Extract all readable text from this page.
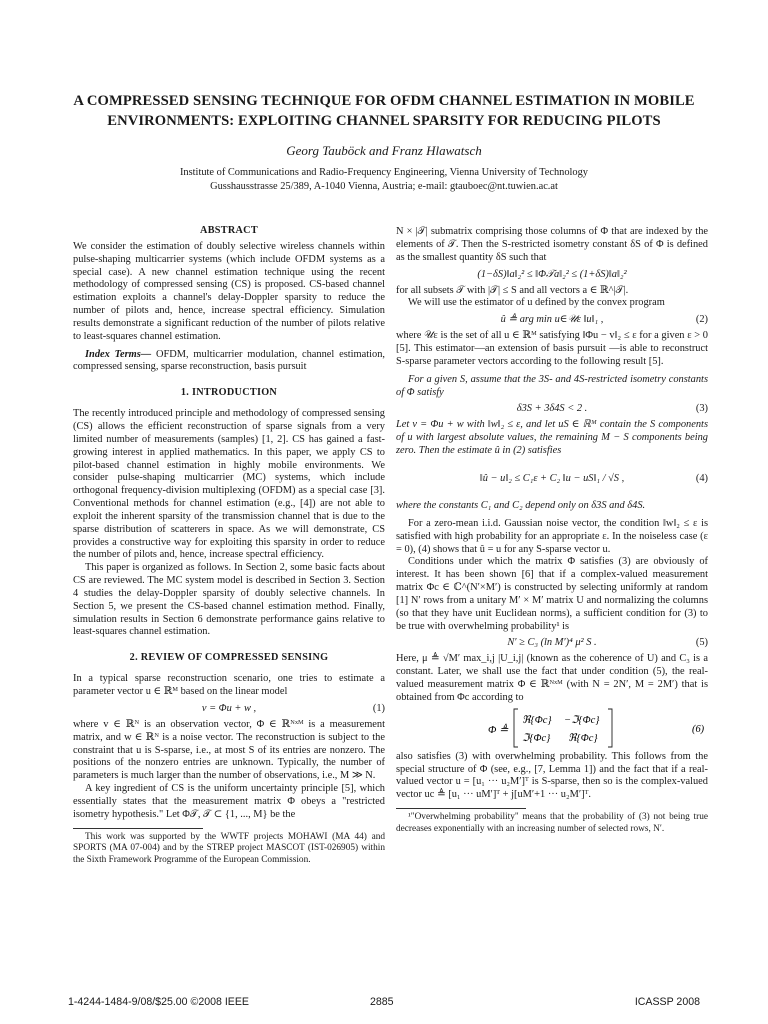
A COMPRESSED SENSING TECHNIQUE FOR OFDM CHANNEL ESTIMATION IN MOBILE ENVIRONMENTS: EXPLOITING CHANNEL SPARSITY FOR REDUCING PILOTS
Georg Tauböck and Franz Hlawatsch
Institute of Communications and Radio-Frequency Engineering, Vienna University of Technology
Gusshausstrasse 25/389, A-1040 Vienna, Austria; e-mail: gtauboec@nt.tuwien.ac.at
ABSTRACT

We consider the estimation of doubly selective wireless channels within pulse-shaping multicarrier systems (which include OFDM systems as a special case). A new channel estimation technique using the recent methodology of compressed sensing (CS) is proposed. CS-based channel estimation exploits a channel's delay-Doppler sparsity to reduce the number of pilots and, hence, increase spectral efficiency. Simulation results demonstrate a significant reduction of the number of pilots relative to least-squares channel estimation.

Index Terms— OFDM, multicarrier modulation, channel estimation, compressed sensing, sparse reconstruction, basis pursuit

1. INTRODUCTION

The recently introduced principle and methodology of compressed sensing (CS) allows the efficient reconstruction of sparse signals from a very limited number of measurements (samples) [1, 2]. CS has gained a fast-growing interest in applied mathematics. In this paper, we apply CS to pilot-based channel estimation in highly mobile environments. We consider pulse-shaping multicarrier (MC) systems, which include orthogonal frequency-division multiplexing (OFDM) as a special case [3]. Conventional methods for channel estimation (e.g., [4]) are not able to exploit the inherent sparsity of the transmission channel that is due to the sparse distribution of scatterers in space. As we will demonstrate, CS provides a constructive way for exploiting this sparsity in order to reduce the number of pilots and, hence, increase spectral efficiency.

This paper is organized as follows. In Section 2, some basic facts about CS are reviewed. The MC system model is described in Section 3. Section 4 studies the delay-Doppler sparsity of doubly selective channels. In Section 5, we present the CS-based channel estimation method. Finally, simulation results in Section 6 demonstrate performance gains relative to least-squares channel estimation.

2. REVIEW OF COMPRESSED SENSING

In a typical sparse reconstruction scenario, one tries to estimate a parameter vector u ∈ ℝᴹ based on the linear model

v = Φu + w ,	(1)

where v ∈ ℝᴺ is an observation vector, Φ ∈ ℝᴺˣᴹ is a measurement matrix, and w ∈ ℝᴺ is a noise vector. The reconstruction is subject to the constraint that u is S-sparse, i.e., at most S of its entries are nonzero. The positions of the nonzero entries are unknown. Typically, the number of parameters is much larger than the number of observations, i.e., M ≫ N.

A key ingredient of CS is the uniform uncertainty principle [5], which essentially states that the measurement matrix Φ obeys a "restricted isometry hypothesis." Let Φ𝒯, 𝒯 ⊂ {1, ..., M} be the

This work was supported by the WWTF projects MOHAWI (MA 44) and SPORTS (MA 07-004) and by the STREP project MASCOT (IST-026905) within the Sixth Framework Programme of the European Commission.

N × |𝒯| submatrix comprising those columns of Φ that are indexed by the elements of 𝒯. Then the S-restricted isometry constant δS of Φ is defined as the smallest quantity δS such that

(1−δS)‖a‖₂² ≤ ‖Φ𝒯a‖₂² ≤ (1+δS)‖a‖₂²

for all subsets 𝒯 with |𝒯| ≤ S and all vectors a ∈ ℝ^|𝒯|.

We will use the estimator of u defined by the convex program

û ≜ arg min u∈𝒰ε ‖u‖₁ ,	(2)

where 𝒰ε is the set of all u ∈ ℝᴹ satisfying ‖Φu − v‖₂ ≤ ε for a given ε > 0 [5]. This estimator—an extension of basis pursuit —is able to reconstruct S-sparse parameter vectors according to the following result [5].

For a given S, assume that the 3S- and 4S-restricted isometry constants of Φ satisfy

δ3S + 3δ4S < 2 .	(3)

Let v = Φu + w with ‖w‖₂ ≤ ε, and let uS ∈ ℝᴹ contain the S components of u with largest absolute values, the remaining M − S components being zero. Then the estimate û in (2) satisfies

‖û − u‖₂ ≤ C₁ε + C₂ ‖u − uS‖₁ / √S ,	(4)

where the constants C₁ and C₂ depend only on δ3S and δ4S.

For a zero-mean i.i.d. Gaussian noise vector, the condition ‖w‖₂ ≤ ε is satisfied with high probability for an appropriate ε. In the noiseless case (ε = 0), (4) shows that û = u for any S-sparse vector u.

Conditions under which the matrix Φ satisfies (3) are obviously of interest. It has been shown [6] that if a complex-valued measurement matrix Φc ∈ ℂ^(N′×M′) is constructed by selecting uniformly at random [1] N′ rows from a unitary M′ × M′ matrix U and normalizing the columns (so that they have unit Euclidean norms), a sufficient condition for (3) to be true with overwhelming probability¹ is

N′ ≥ C₃ (ln M′)⁴ μ² S .	(5)

Here, μ ≜ √M′ max_i,j |U_i,j| (known as the coherence of U) and C₃ is a constant. Later, we shall use the fact that under condition (5), the real-valued measurement matrix Φ ∈ ℝᴺˣᴹ (with N = 2N′, M = 2M′) that is obtained from Φc according to

Φ ≜
ℜ{Φc} −ℑ{Φc}
ℑ{Φc} ℜ{Φc}
(6)

also satisfies (3) with overwhelming probability. This follows from the special structure of Φ (see, e.g., [7, Lemma 1]) and the fact that if a real-valued vector u = [u₁ ··· u₂M′]ᵀ is S-sparse, then so is the complex-valued vector uc ≜ [u₁ ··· uM′]ᵀ + j[uM′+1 ··· u₂M′]ᵀ.

¹"Overwhelming probability" means that the probability of (3) not being true decreases exponentially with an increasing number of selected rows, N′.

1-4244-1484-9/08/$25.00 ©2008 IEEE	2885	ICASSP 2008
